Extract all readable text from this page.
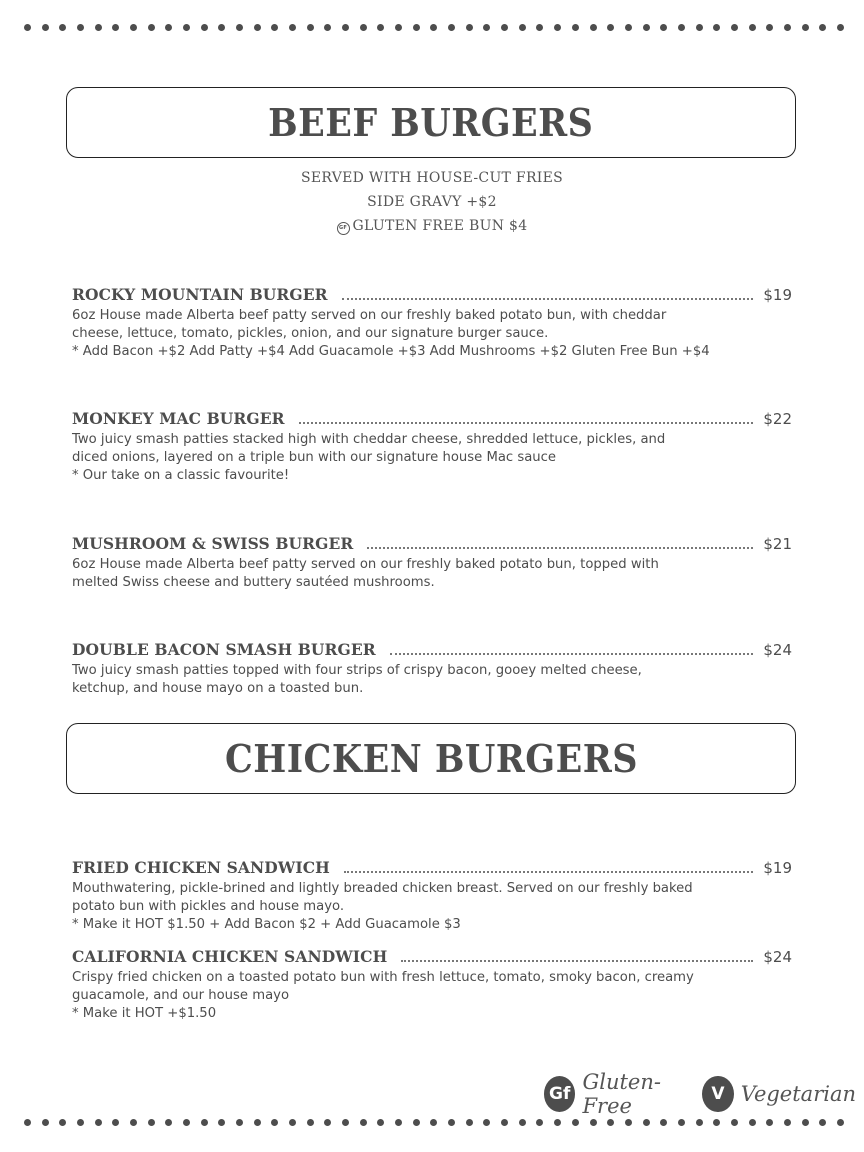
BEEF BURGERS
SERVED WITH HOUSE-CUT FRIES
SIDE GRAVY +$2
GF GLUTEN FREE BUN $4
ROCKY MOUNTAIN BURGER	$19
6oz House made Alberta beef patty served on our freshly baked potato bun, with cheddar
cheese, lettuce, tomato, pickles, onion, and our signature burger sauce.
* Add Bacon +$2 Add Patty +$4 Add Guacamole +$3 Add Mushrooms +$2 Gluten Free Bun +$4
MONKEY MAC BURGER	$22
Two juicy smash patties stacked high with cheddar cheese, shredded lettuce, pickles, and
diced onions, layered on a triple bun with our signature house Mac sauce
* Our take on a classic favourite!
MUSHROOM & SWISS BURGER	$21
6oz House made Alberta beef patty served on our freshly baked potato bun, topped with
melted Swiss cheese and buttery sautéed mushrooms.
DOUBLE BACON SMASH BURGER	$24
Two juicy smash patties topped with four strips of crispy bacon, gooey melted cheese,
ketchup, and house mayo on a toasted bun.
CHICKEN BURGERS
FRIED CHICKEN SANDWICH	$19
Mouthwatering, pickle-brined and lightly breaded chicken breast. Served on our freshly baked
potato bun with pickles and house mayo.
* Make it HOT $1.50 + Add Bacon $2 + Add Guacamole $3
CALIFORNIA CHICKEN SANDWICH	$24
Crispy fried chicken on a toasted potato bun with fresh lettuce, tomato, smoky bacon, creamy
guacamole, and our house mayo
* Make it HOT +$1.50
Gf Gluten-Free	V Vegetarian
